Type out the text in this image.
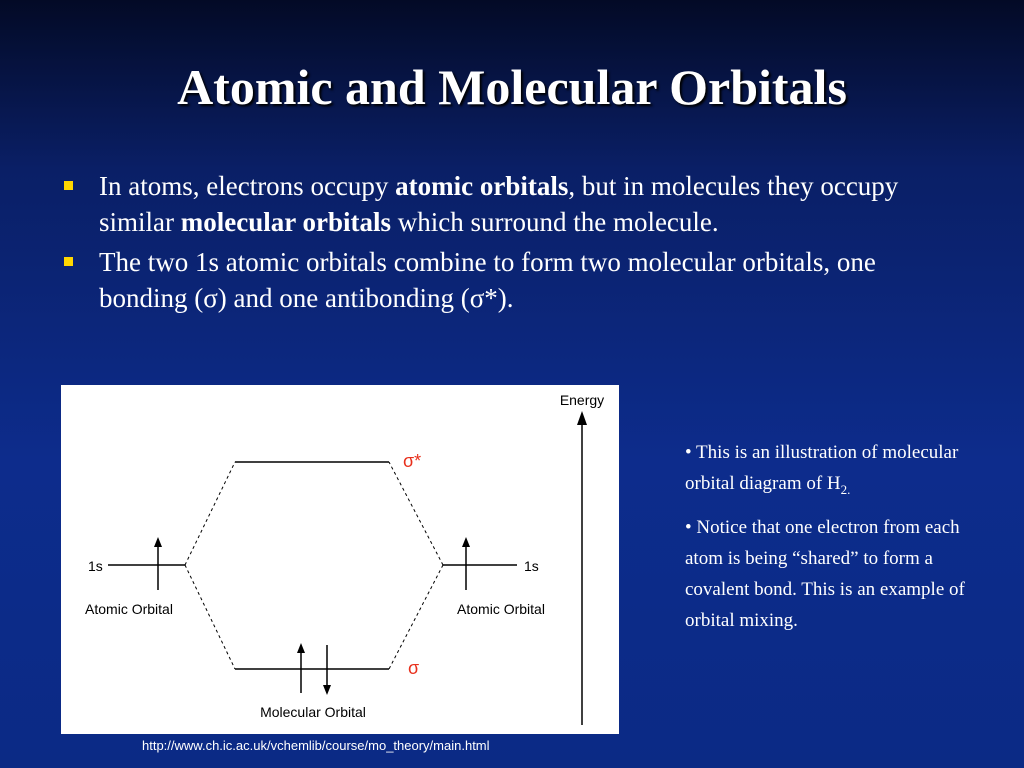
Atomic and Molecular Orbitals
In atoms, electrons occupy atomic orbitals, but in molecules they occupy similar molecular orbitals which surround the molecule.
The two 1s atomic orbitals combine to form two molecular orbitals, one bonding (σ) and one antibonding (σ*).
Energy
σ*
σ
1s
Atomic Orbital
1s
Atomic Orbital
Molecular Orbital
• This is an illustration of molecular orbital diagram of $H_{2.}$
• Notice that one electron from each atom is being “shared” to form a covalent bond. This is an example of orbital mixing.
http://www.ch.ic.ac.uk/vchemlib/course/mo_theory/main.html
